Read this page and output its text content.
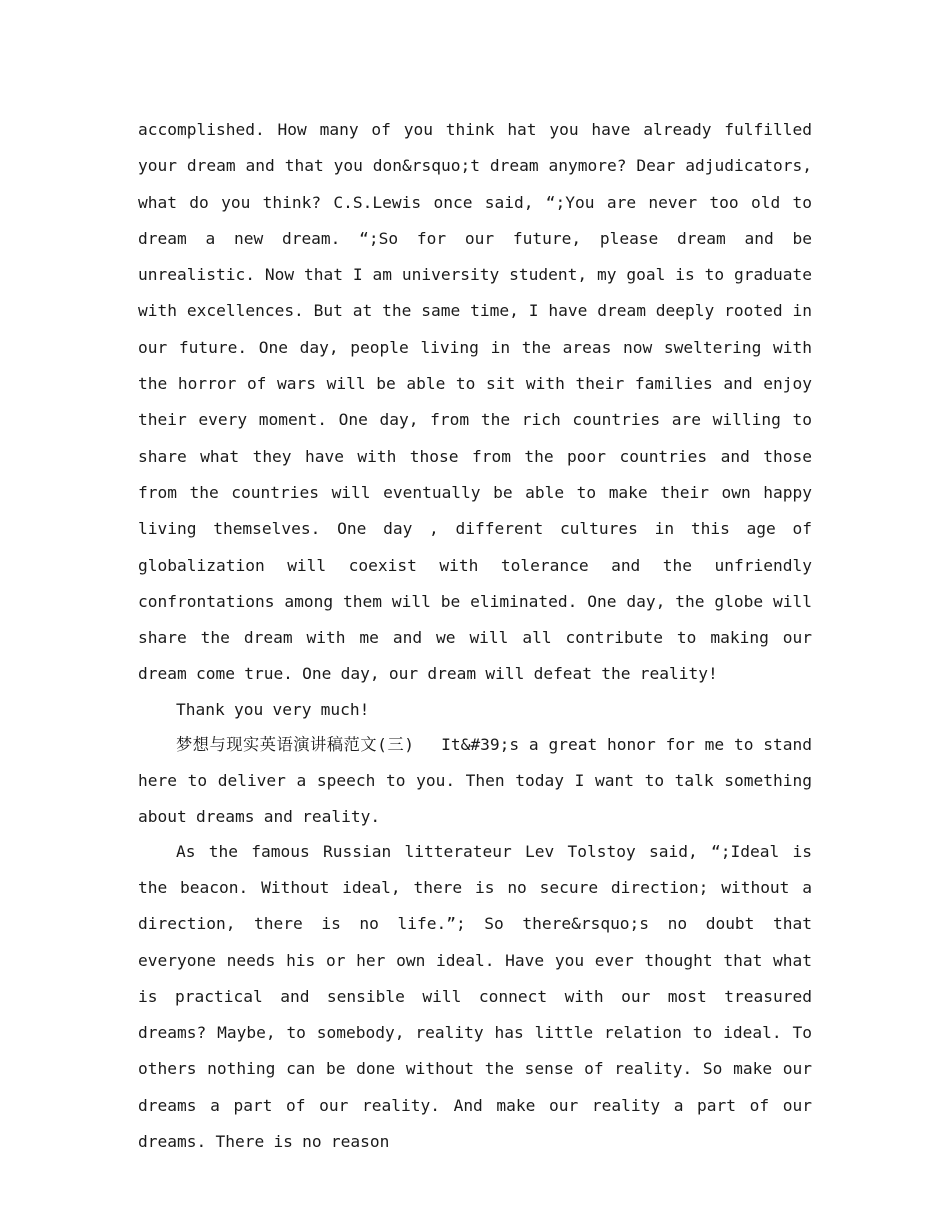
accomplished. How many of you think hat you have already fulfilled your dream and that you don&rsquo;t dream anymore? Dear adjudicators, what do you think? C.S.Lewis once said, “;You are never too old to dream a new dream. “;So for our future, please dream and be unrealistic. Now that I am university student, my goal is to graduate with excellences. But at the same time, I have dream deeply rooted in our future. One day, people living in the areas now sweltering with the horror of wars will be able to sit with their families and enjoy their every moment. One day, from the rich countries are willing to share what they have with those from the poor countries and those from the countries will eventually be able to make their own happy living themselves. One day , different cultures in this age of globalization will coexist with tolerance and the unfriendly confrontations among them will be eliminated. One day, the globe will share the dream with me and we will all contribute to making our dream come true. One day, our dream will defeat the reality!

Thank you very much!

梦想与现实英语演讲稿范文(三)　 It&#39;s a great honor for me to stand here to deliver a speech to you. Then today I want to talk something about dreams and reality.

As the famous Russian litterateur Lev Tolstoy said, “;Ideal is the beacon. Without ideal, there is no secure direction; without a direction, there is no life.”; So there&rsquo;s no doubt that everyone needs his or her own ideal. Have you ever thought that what is practical and sensible will connect with our most treasured dreams? Maybe, to somebody, reality has little relation to ideal. To others nothing can be done without the sense of reality. So make our dreams a part of our reality. And make our reality a part of our dreams. There is no reason
